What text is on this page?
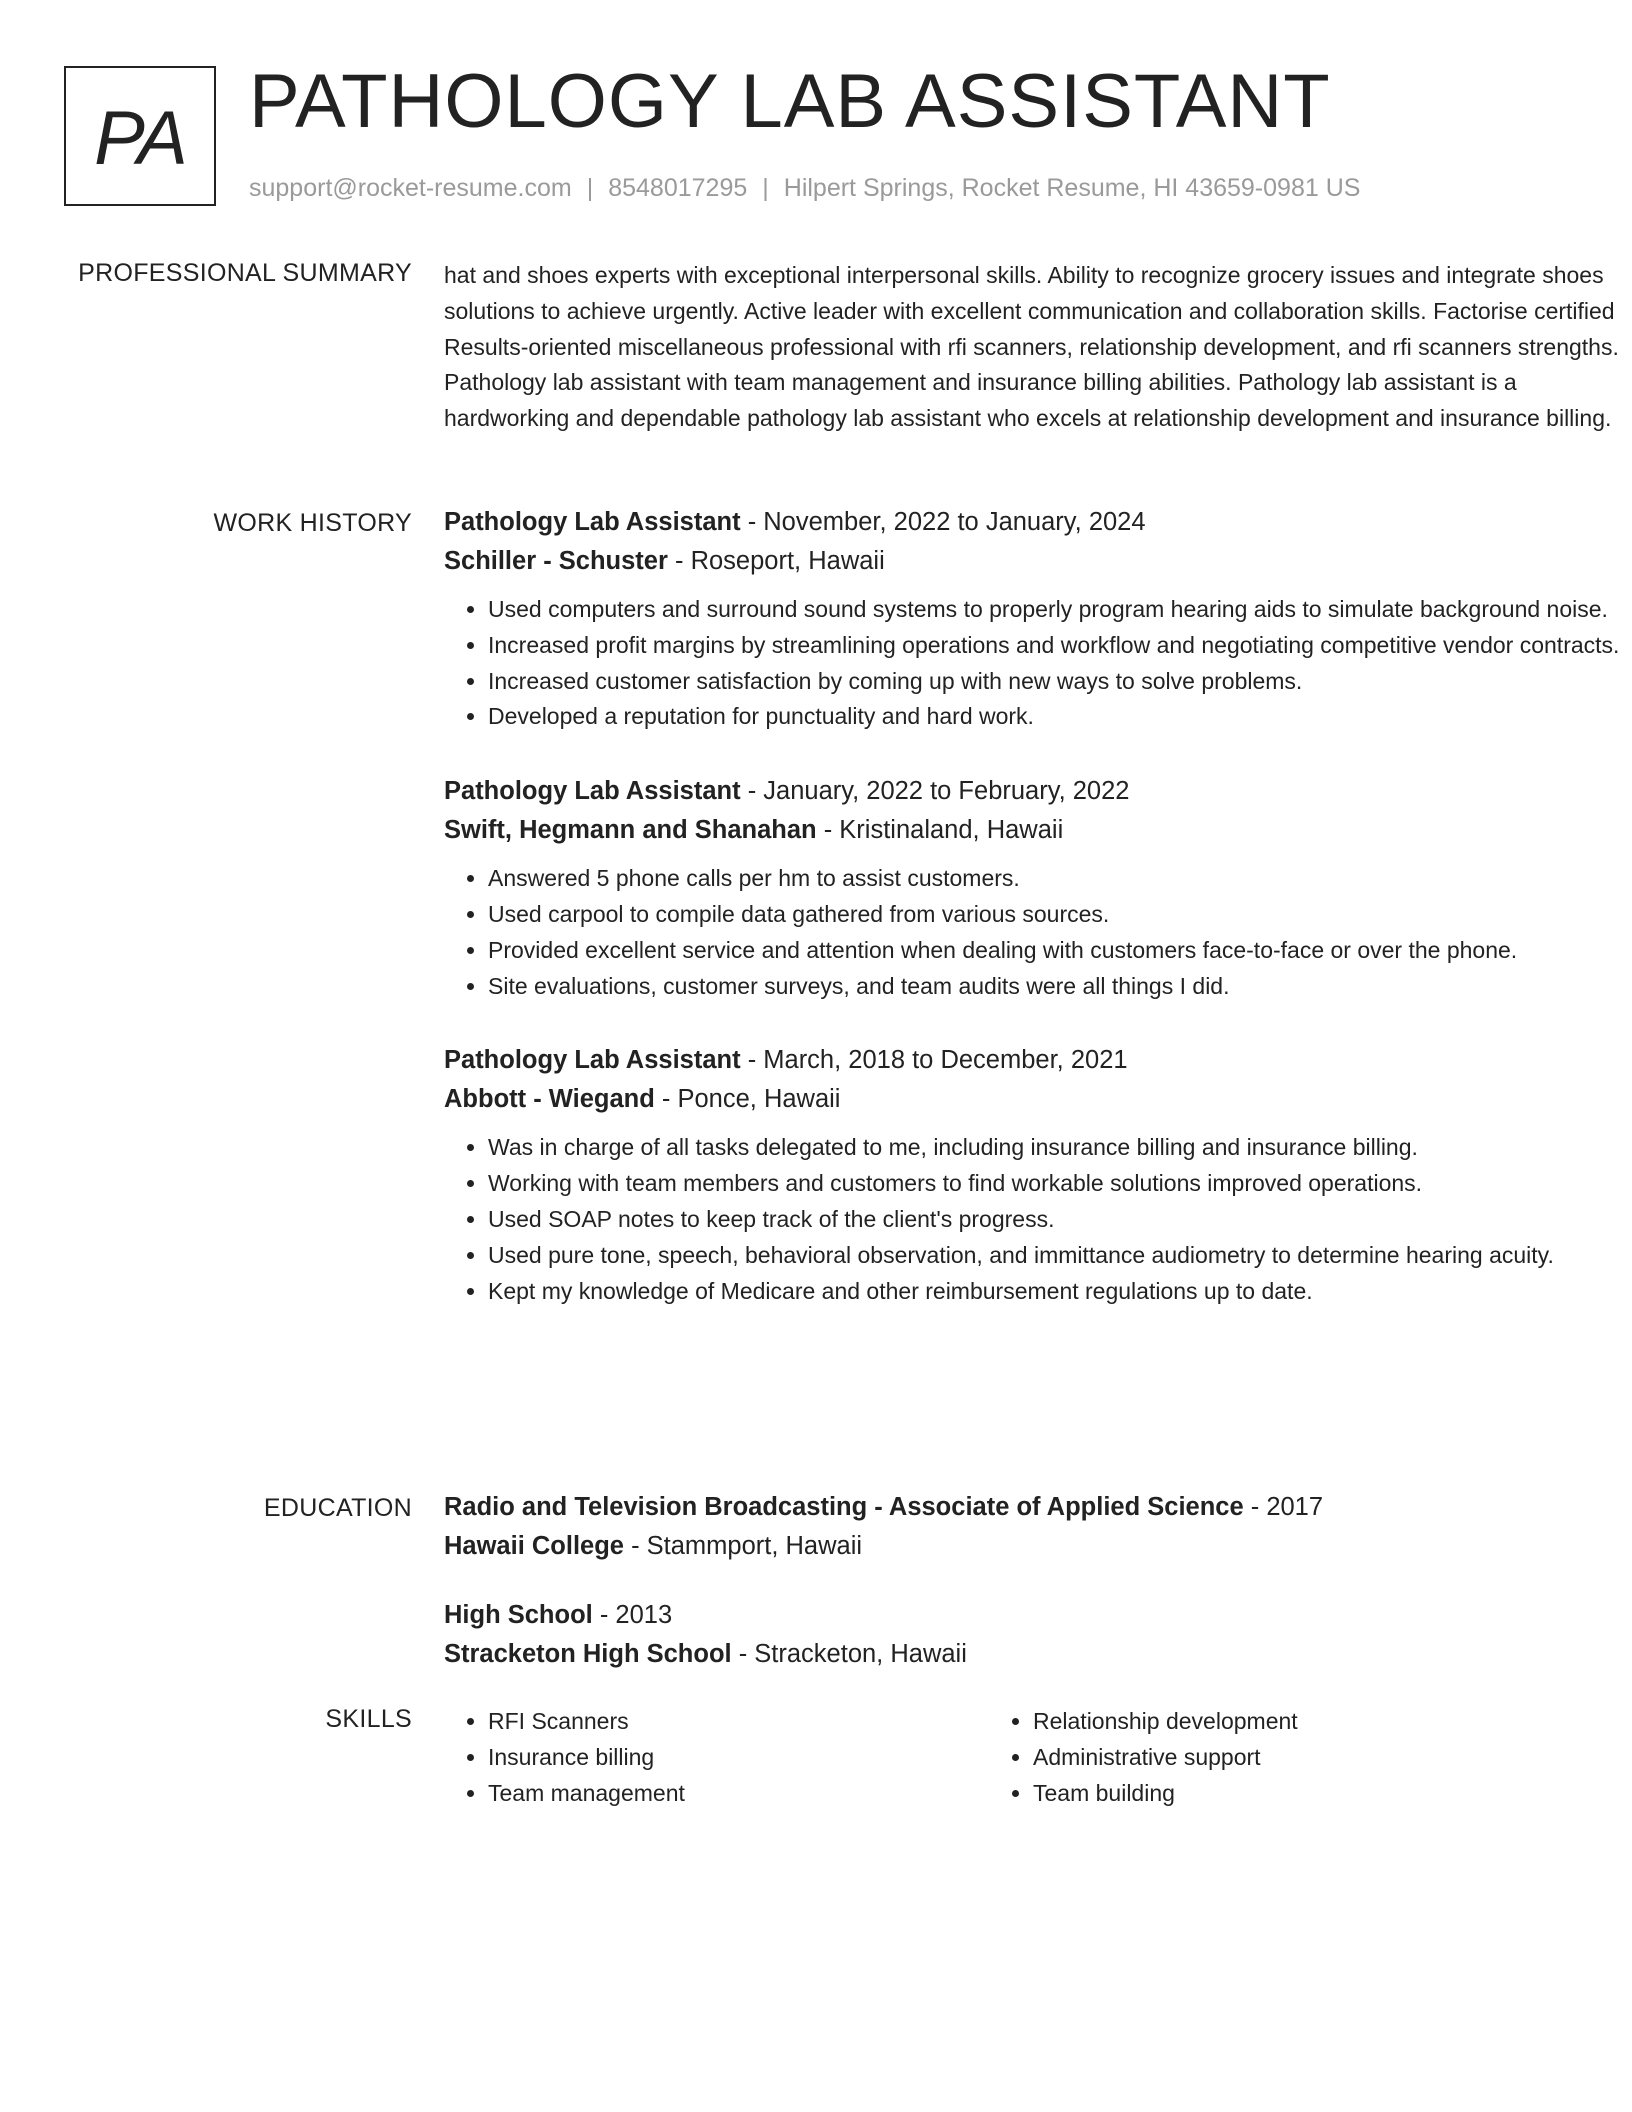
PA PATHOLOGY LAB ASSISTANT
support@rocket-resume.com | 8548017295 | Hilpert Springs, Rocket Resume, HI 43659-0981 US
PROFESSIONAL SUMMARY hat and shoes experts with exceptional interpersonal skills. Ability to recognize grocery issues and integrate shoes solutions to achieve urgently. Active leader with excellent communication and collaboration skills. Factorise certified Results-oriented miscellaneous professional with rfi scanners, relationship development, and rfi scanners strengths. Pathology lab assistant with team management and insurance billing abilities. Pathology lab assistant is a hardworking and dependable pathology lab assistant who excels at relationship development and insurance billing.

WORK HISTORY Pathology Lab Assistant - November, 2022 to January, 2024
Schiller - Schuster - Roseport, Hawaii
• Used computers and surround sound systems to properly program hearing aids to simulate background noise.
• Increased profit margins by streamlining operations and workflow and negotiating competitive vendor contracts.
• Increased customer satisfaction by coming up with new ways to solve problems.
• Developed a reputation for punctuality and hard work.
Pathology Lab Assistant - January, 2022 to February, 2022
Swift, Hegmann and Shanahan - Kristinaland, Hawaii
• Answered 5 phone calls per hm to assist customers.
• Used carpool to compile data gathered from various sources.
• Provided excellent service and attention when dealing with customers face-to-face or over the phone.
• Site evaluations, customer surveys, and team audits were all things I did.
Pathology Lab Assistant - March, 2018 to December, 2021
Abbott - Wiegand - Ponce, Hawaii
• Was in charge of all tasks delegated to me, including insurance billing and insurance billing.
• Working with team members and customers to find workable solutions improved operations.
• Used SOAP notes to keep track of the client's progress.
• Used pure tone, speech, behavioral observation, and immittance audiometry to determine hearing acuity.
• Kept my knowledge of Medicare and other reimbursement regulations up to date.
EDUCATION Radio and Television Broadcasting - Associate of Applied Science - 2017
Hawaii College - Stammport, Hawaii
High School - 2013
Stracketon High School - Stracketon, Hawaii
SKILLS
•	RFI Scanners
• Insurance billing
• Team management
• Relationship development
• Administrative support
• Team building
